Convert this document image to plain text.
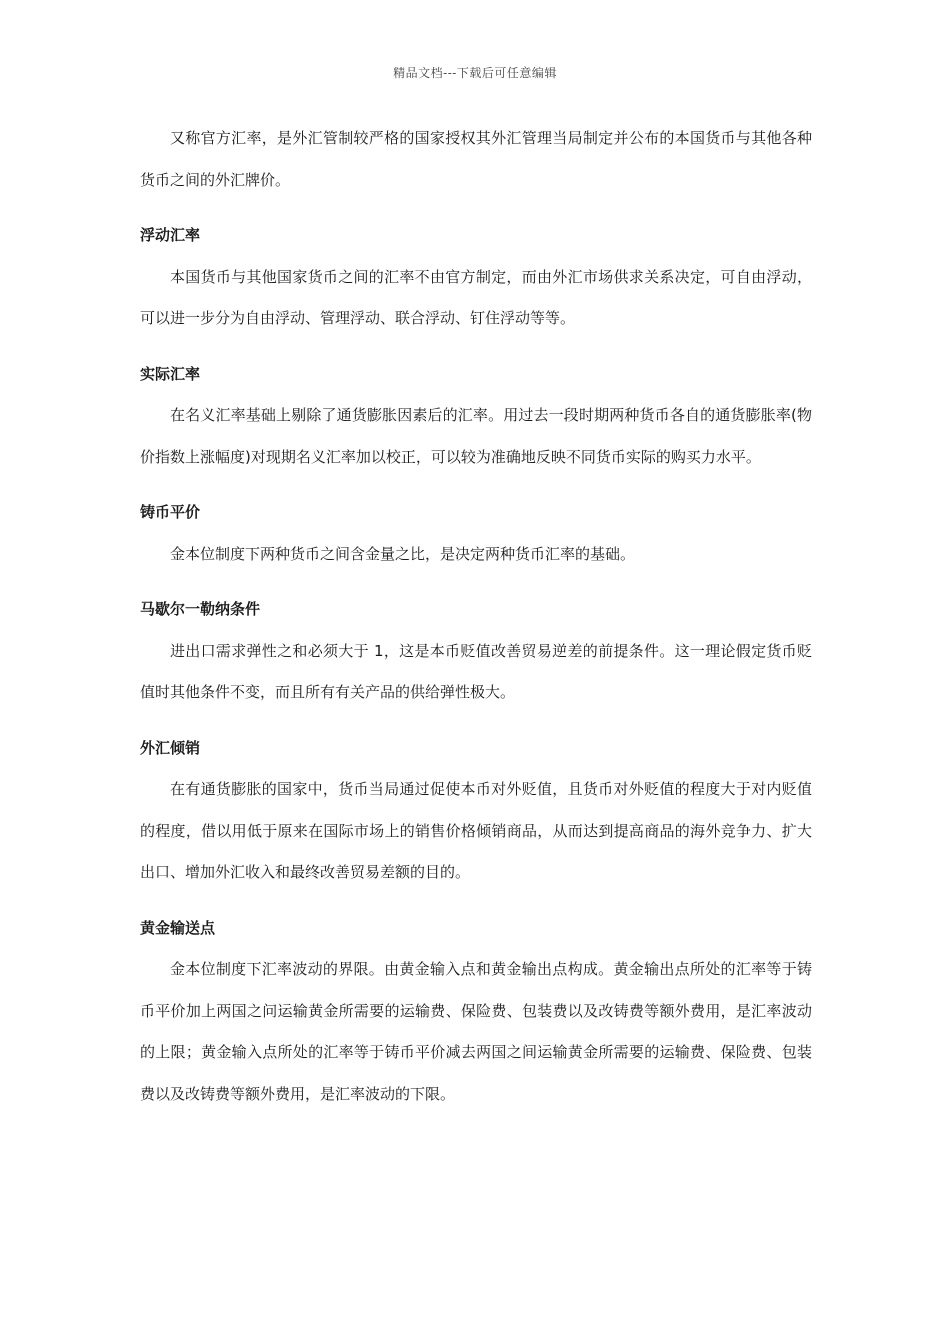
精品文档---下载后可任意编辑

又称官方汇率，是外汇管制较严格的国家授权其外汇管理当局制定并公布的本国货币与其他各种货币之间的外汇牌价。

浮动汇率

本国货币与其他国家货币之间的汇率不由官方制定，而由外汇市场供求关系决定，可自由浮动，可以进一步分为自由浮动、管理浮动、联合浮动、钉住浮动等等。

实际汇率

在名义汇率基础上剔除了通货膨胀因素后的汇率。用过去一段时期两种货币各自的通货膨胀率(物价指数上涨幅度)对现期名义汇率加以校正，可以较为准确地反映不同货币实际的购买力水平。

铸币平价

金本位制度下两种货币之间含金量之比，是决定两种货币汇率的基础。

马歇尔一勒纳条件

进出口需求弹性之和必须大于 1，这是本币贬值改善贸易逆差的前提条件。这一理论假定货币贬值时其他条件不变，而且所有有关产品的供给弹性极大。

外汇倾销

在有通货膨胀的国家中，货币当局通过促使本币对外贬值，且货币对外贬值的程度大于对内贬值的程度，借以用低于原来在国际市场上的销售价格倾销商品，从而达到提高商品的海外竞争力、扩大出口、增加外汇收入和最终改善贸易差额的目的。

黄金输送点

金本位制度下汇率波动的界限。由黄金输入点和黄金输出点构成。黄金输出点所处的汇率等于铸币平价加上两国之问运输黄金所需要的运输费、保险费、包装费以及改铸费等额外费用，是汇率波动的上限；黄金输入点所处的汇率等于铸币平价减去两国之间运输黄金所需要的运输费、保险费、包装费以及改铸费等额外费用，是汇率波动的下限。
